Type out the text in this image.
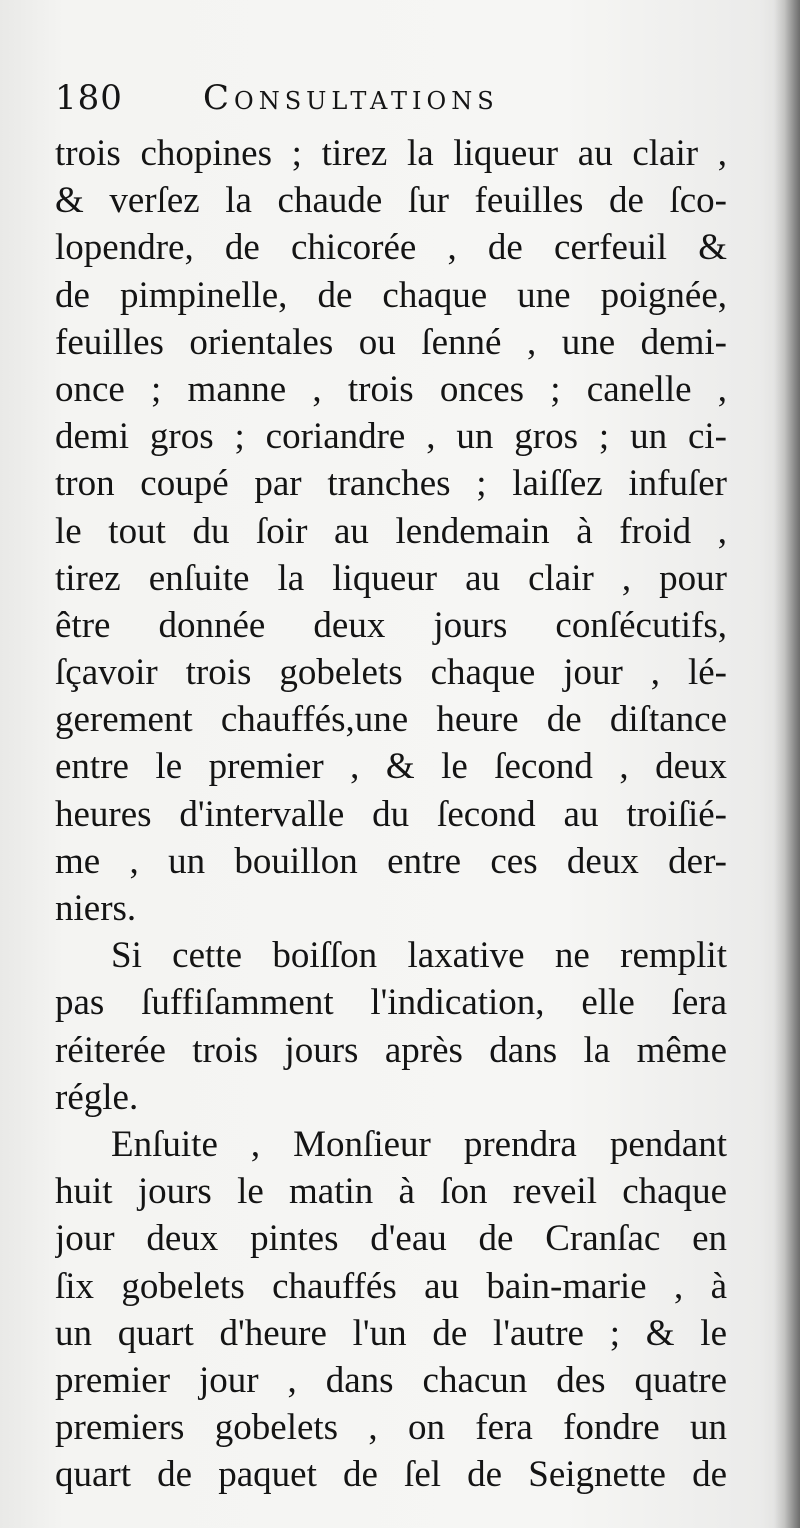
180 Consultations
trois chopines ; tirez la liqueur au clair ,
& verſez la chaude ſur feuilles de ſco-
lopendre, de chicorée , de cerfeuil &
de pimpinelle, de chaque une poignée,
feuilles orientales ou ſenné , une demi-
once ; manne , trois onces ; canelle ,
demi gros ; coriandre , un gros ; un ci-
tron coupé par tranches ; laiſſez infuſer
le tout du ſoir au lendemain à froid ,
tirez enſuite la liqueur au clair , pour
être donnée deux jours conſécutifs,
ſçavoir trois gobelets chaque jour , lé-
gerement chauffés,une heure de diſtance
entre le premier , & le ſecond , deux
heures d'intervalle du ſecond au troiſié-
me , un bouillon entre ces deux der-
niers.
Si cette boiſſon laxative ne remplit
pas ſuffiſamment l'indication, elle ſera
réiterée trois jours après dans la même
régle.
Enſuite , Monſieur prendra pendant
huit jours le matin à ſon reveil chaque
jour deux pintes d'eau de Cranſac en
ſix gobelets chauffés au bain-marie , à
un quart d'heure l'un de l'autre ; & le
premier jour , dans chacun des quatre
premiers gobelets , on fera fondre un
quart de paquet de ſel de Seignette de
